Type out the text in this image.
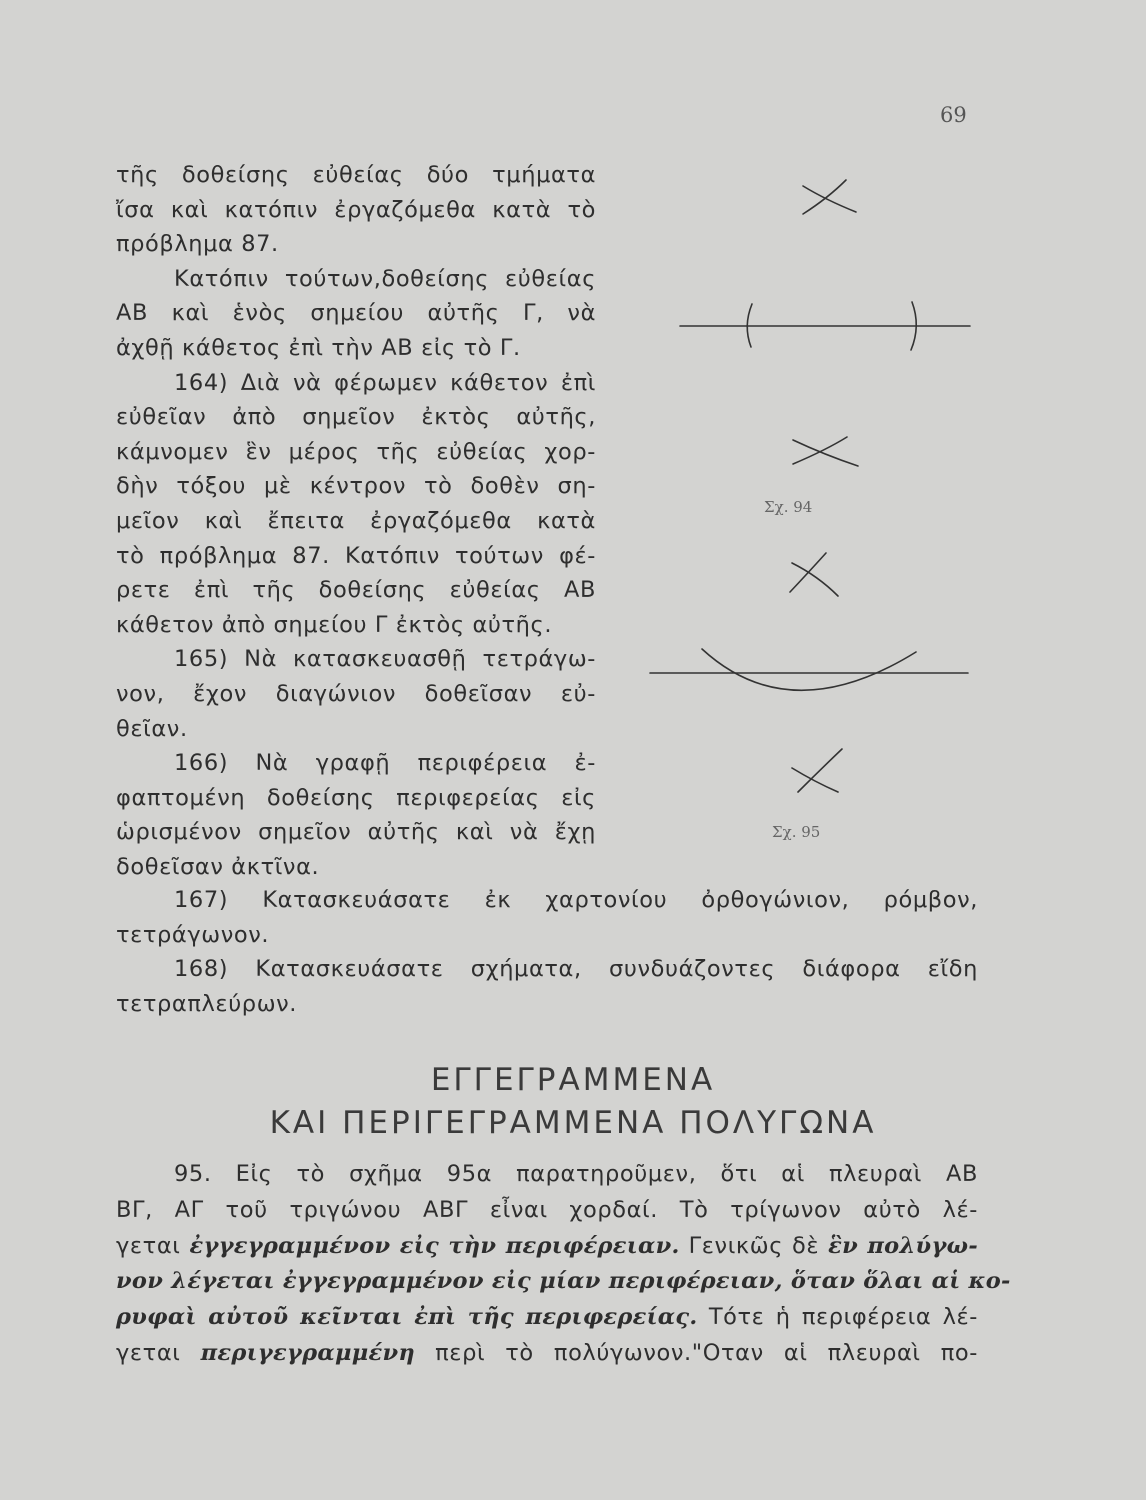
69
τῆς δοθείσης εὐθείας δύο τμήματα
ἴσα καὶ κατόπιν ἐργαζόμεθα κατὰ τὸ
πρόβλημα 87.
Κατόπιν τούτων,δοθείσης εὐθείας
ΑΒ καὶ ἑνὸς σημείου αὐτῆς Γ, νὰ
ἀχθῇ κάθετος ἐπὶ τὴν ΑΒ εἰς τὸ Γ.
164) Διὰ νὰ φέρωμεν κάθετον ἐπὶ
εὐθεῖαν ἀπὸ σημεῖον ἐκτὸς αὐτῆς,
κάμνομεν ἓν μέρος τῆς εὐθείας χορ-
δὴν τόξου μὲ κέντρον τὸ δοθὲν ση-
μεῖον καὶ ἔπειτα ἐργαζόμεθα κατὰ
τὸ πρόβλημα 87. Κατόπιν τούτων φέ-
ρετε ἐπὶ τῆς δοθείσης εὐθείας ΑΒ
κάθετον ἀπὸ σημείου Γ ἐκτὸς αὐτῆς.
165) Νὰ κατασκευασθῇ τετράγω-
νον, ἔχον διαγώνιον δοθεῖσαν εὐ-
θεῖαν.
166) Νὰ γραφῇ περιφέρεια ἐ-
φαπτομένη δοθείσης περιφερείας εἰς
ὡρισμένον σημεῖον αὐτῆς καὶ νὰ ἔχῃ
δοθεῖσαν ἀκτῖνα.
167) Κατασκευάσατε ἐκ χαρτονίου ὀρθογώνιον, ρόμβον,
τετράγωνον.
168) Κατασκευάσατε σχήματα, συνδυάζοντες διάφορα εἴδη
τετραπλεύρων.
ΕΓΓΕΓΡΑΜΜΕΝΑ
ΚΑΙ ΠΕΡΙΓΕΓΡΑΜΜΕΝΑ ΠΟΛΥΓΩΝΑ
95. Εἰς τὸ σχῆμα 95α παρατηροῦμεν, ὅτι αἱ πλευραὶ ΑΒ
ΒΓ, ΑΓ τοῦ τριγώνου ΑΒΓ εἶναι χορδαί. Τὸ τρίγωνον αὐτὸ λέ-
γεται ἐγγεγραμμένον εἰς τὴν περιφέρειαν. Γενικῶς δὲ ἓν πολύγω-
νον λέγεται ἐγγεγραμμένον εἰς μίαν περιφέρειαν, ὅταν ὅλαι αἱ κο-
ρυφαὶ αὐτοῦ κεῖνται ἐπὶ τῆς περιφερείας. Τότε ἡ περιφέρεια λέ-
γεται περιγεγραμμένη περὶ τὸ πολύγωνον."Οταν αἱ πλευραὶ πο-
Σχ. 94
Σχ. 95
